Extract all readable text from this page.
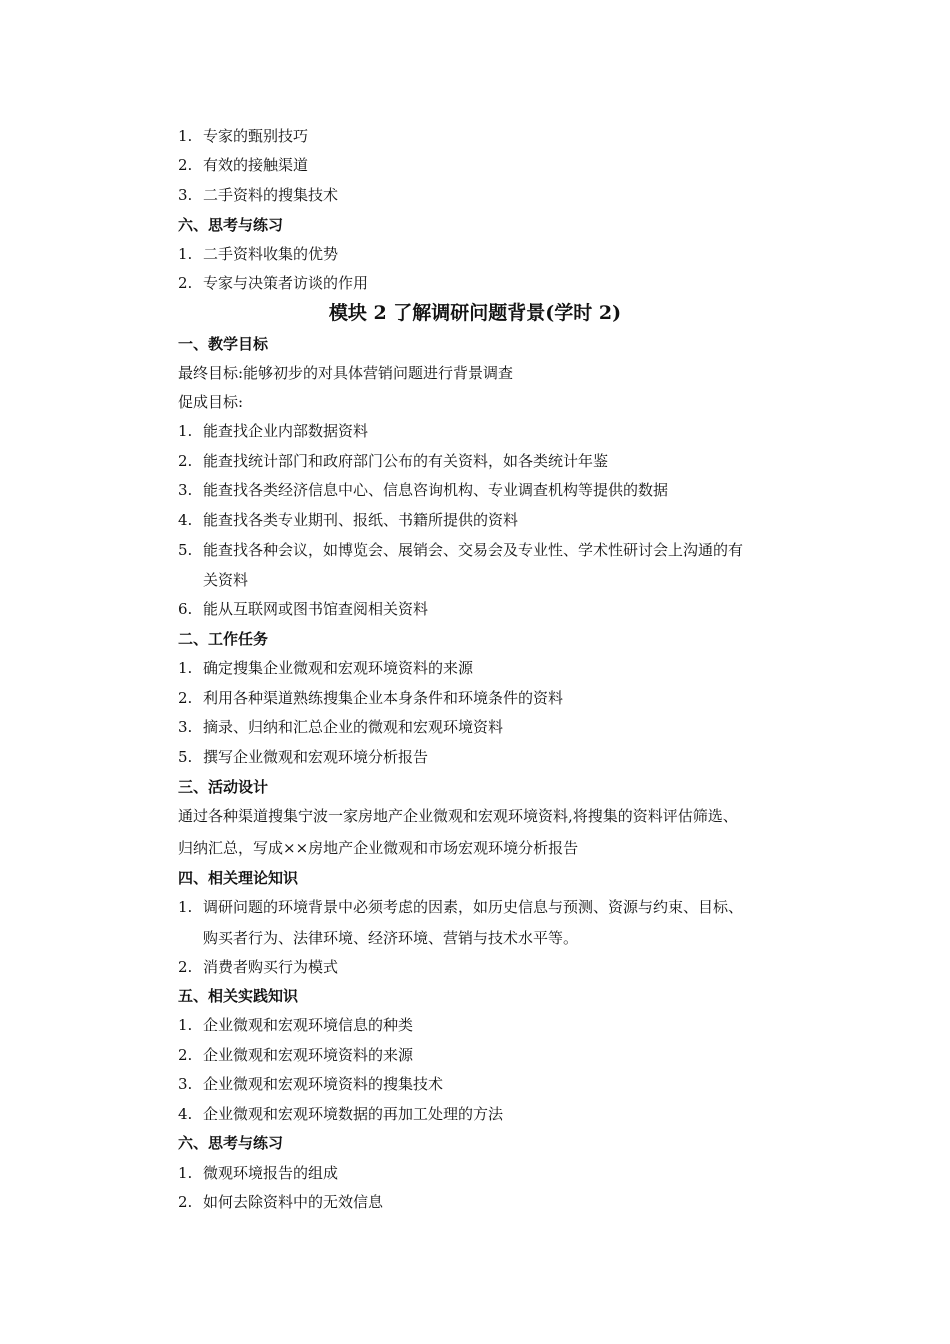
1. 专家的甄别技巧
2. 有效的接触渠道
3. 二手资料的搜集技术
六、思考与练习
1. 二手资料收集的优势
2. 专家与决策者访谈的作用
模块 2 了解调研问题背景(学时 2)
一、教学目标
最终目标:能够初步的对具体营销问题进行背景调查
促成目标:
1. 能查找企业内部数据资料
2. 能查找统计部门和政府部门公布的有关资料，如各类统计年鉴
3. 能查找各类经济信息中心、信息咨询机构、专业调查机构等提供的数据
4. 能查找各类专业期刊、报纸、书籍所提供的资料
5. 能查找各种会议，如博览会、展销会、交易会及专业性、学术性研讨会上沟通的有
关资料
6. 能从互联网或图书馆查阅相关资料
二、工作任务
1. 确定搜集企业微观和宏观环境资料的来源
2. 利用各种渠道熟练搜集企业本身条件和环境条件的资料
3. 摘录、归纳和汇总企业的微观和宏观环境资料
5. 撰写企业微观和宏观环境分析报告
三、活动设计
通过各种渠道搜集宁波一家房地产企业微观和宏观环境资料,将搜集的资料评估筛选、
归纳汇总，写成××房地产企业微观和市场宏观环境分析报告
四、相关理论知识
1. 调研问题的环境背景中必须考虑的因素，如历史信息与预测、资源与约束、目标、
购买者行为、法律环境、经济环境、营销与技术水平等。
2. 消费者购买行为模式
五、相关实践知识
1. 企业微观和宏观环境信息的种类
2. 企业微观和宏观环境资料的来源
3. 企业微观和宏观环境资料的搜集技术
4. 企业微观和宏观环境数据的再加工处理的方法
六、思考与练习
1. 微观环境报告的组成
2. 如何去除资料中的无效信息
